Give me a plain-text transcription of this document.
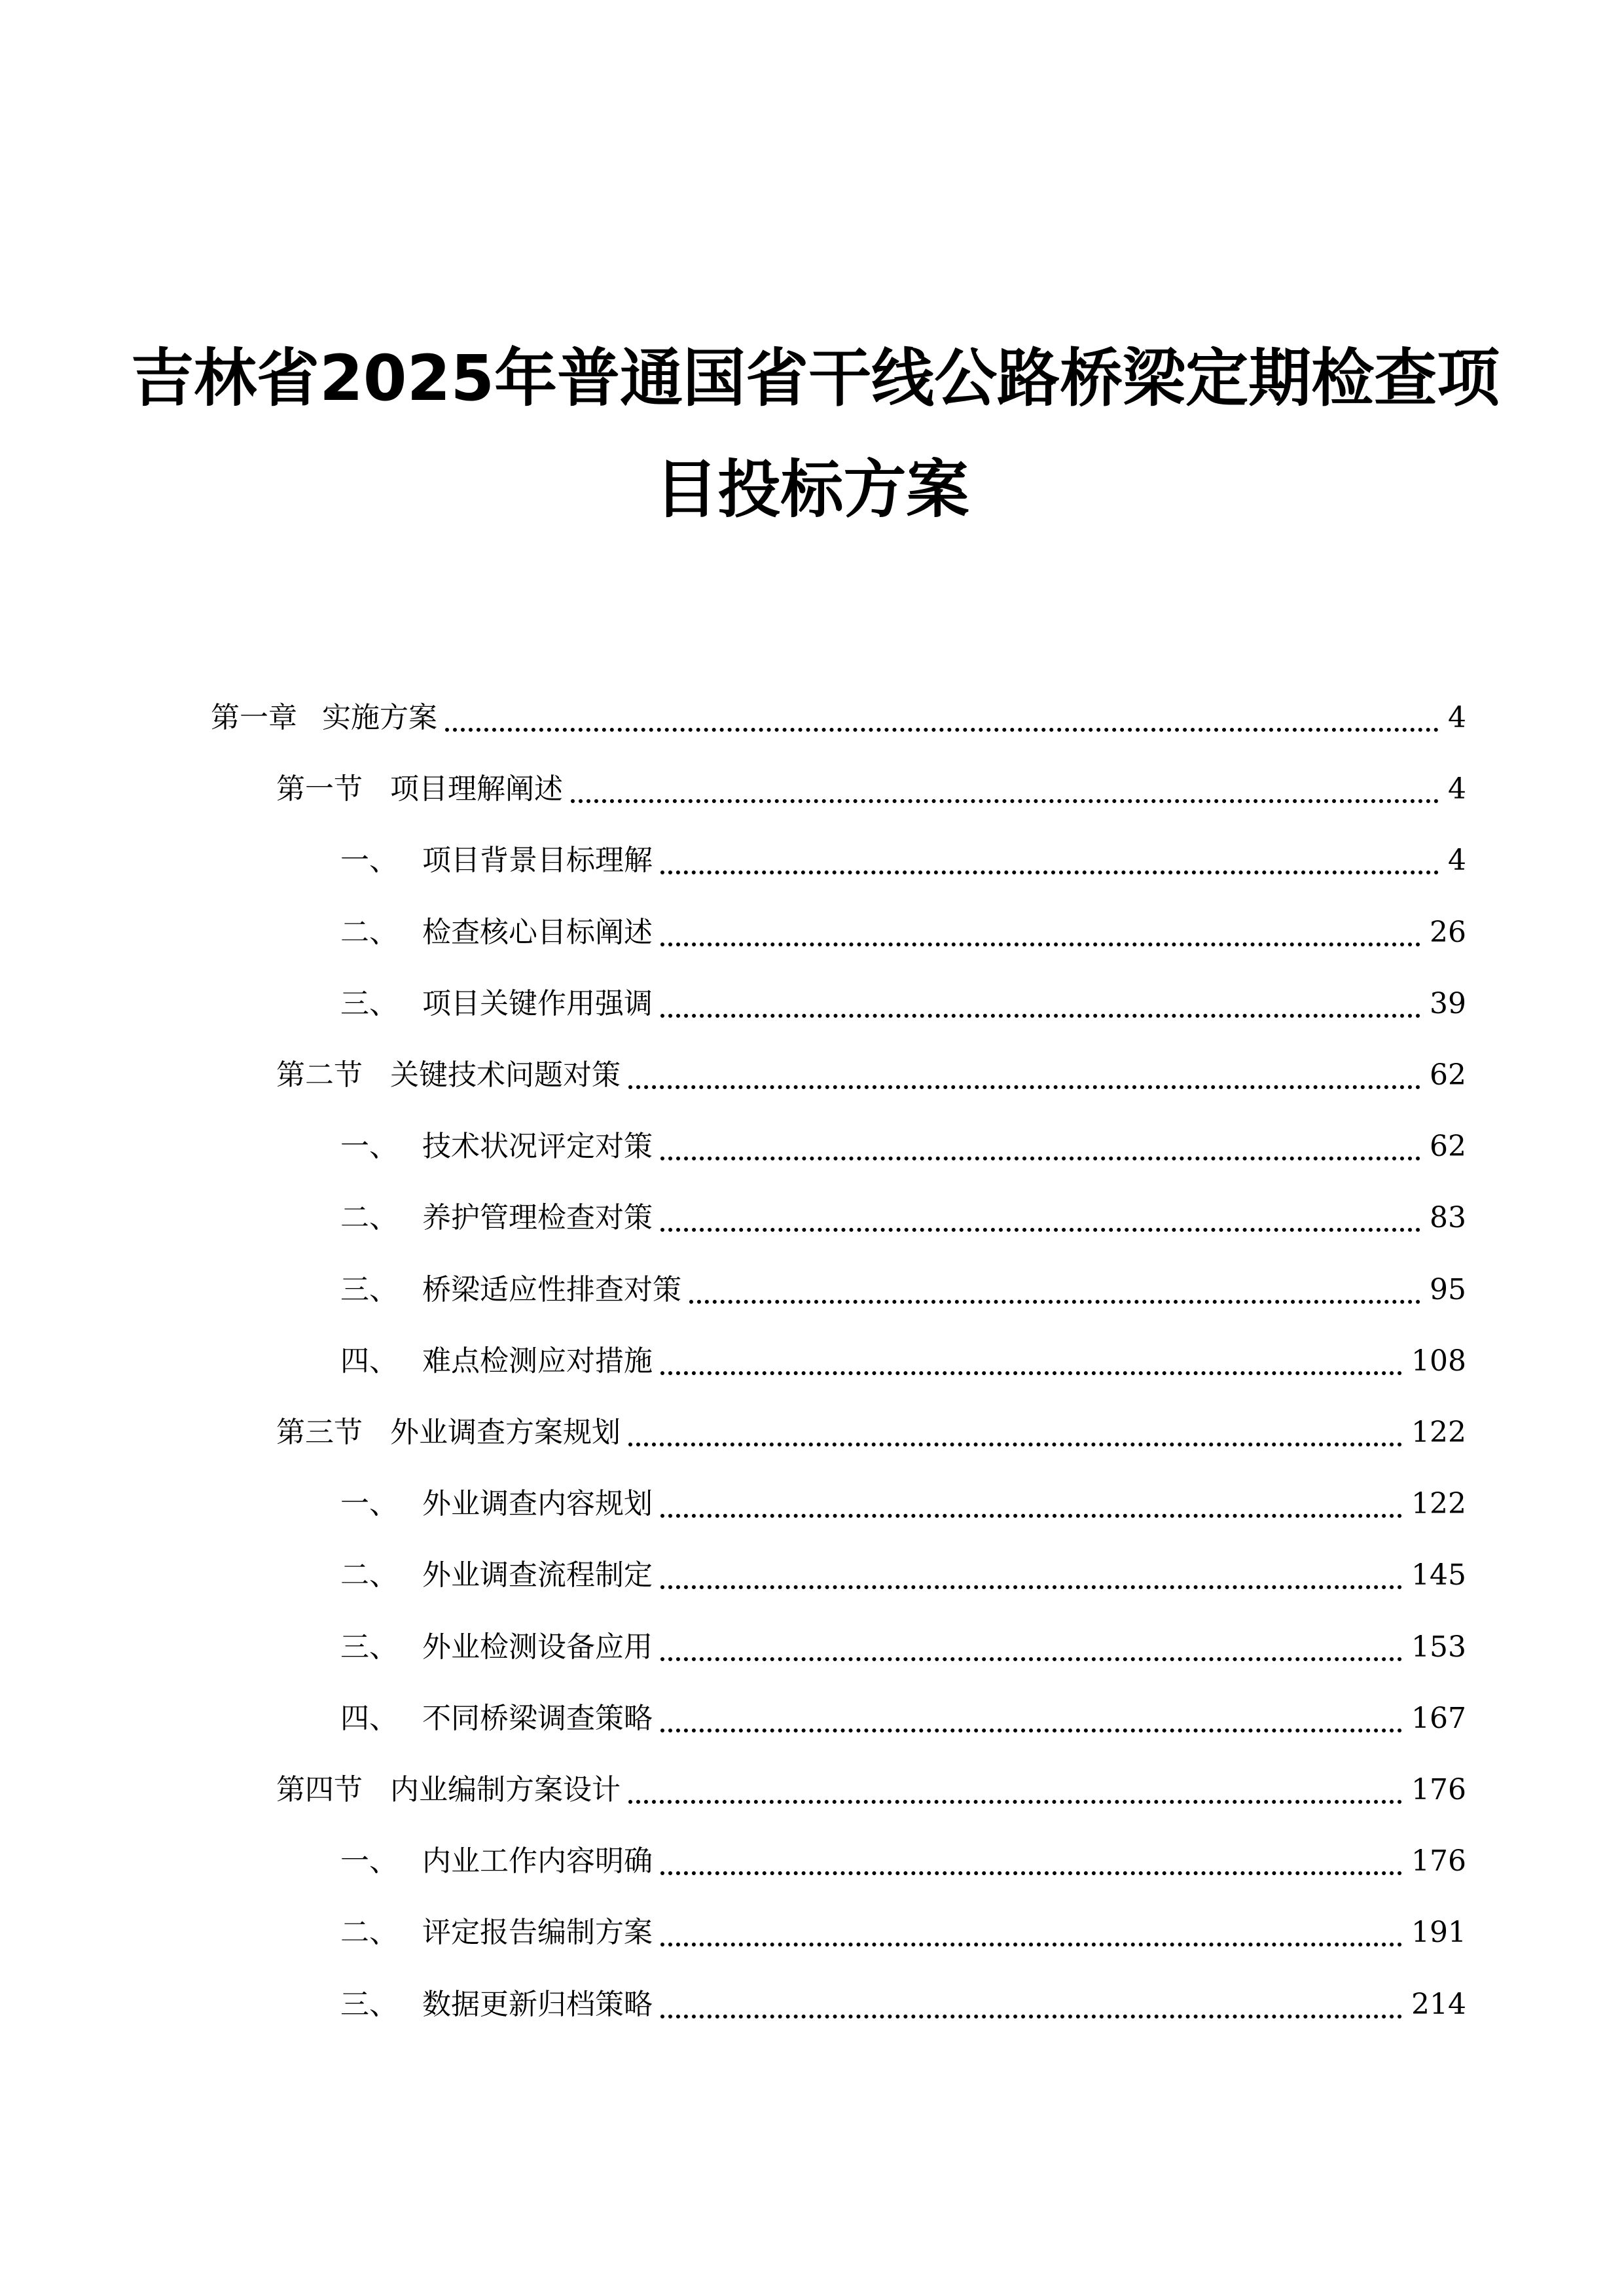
吉林省2025年普通国省干线公路桥梁定期检查项
目投标方案
第一章 实施方案	4
第一节 项目理解阐述	4
一、 项目背景目标理解	4
二、 检查核心目标阐述	26
三、 项目关键作用强调	39
第二节 关键技术问题对策	62
一、 技术状况评定对策	62
二、 养护管理检查对策	83
三、 桥梁适应性排查对策	95
四、 难点检测应对措施	108
第三节 外业调查方案规划	122
一、 外业调查内容规划	122
二、 外业调查流程制定	145
三、 外业检测设备应用	153
四、 不同桥梁调查策略	167
第四节 内业编制方案设计	176
一、 内业工作内容明确	176
二、 评定报告编制方案	191
三、 数据更新归档策略	214
